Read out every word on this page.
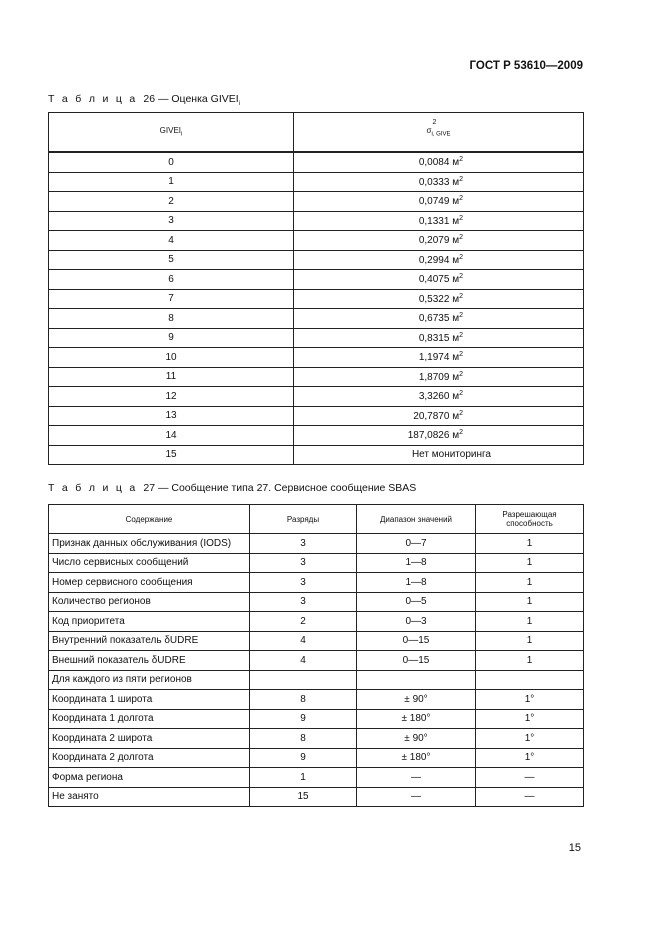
ГОСТ Р 53610—2009
Т а б л и ц а 26 — Оценка $GIVEI_i$
$GIVEI_i$	σ
2
$_{i, GIVE}$
0	0,0084 $м^2$
1	0,0333 $м^2$
2	0,0749 $м^2$
3	0,1331 $м^2$
4	0,2079 $м^2$
5	0,2994 $м^2$
6	0,4075 $м^2$
7	0,5322 $м^2$
8	0,6735 $м^2$
9	0,8315 $м^2$
10	1,1974 $м^2$
11	1,8709 $м^2$
12	3,3260 $м^2$
13	20,7870 $м^2$
14	187,0826 $м^2$
15	Нет мониторинга
Т а б л и ц а 27 — Сообщение типа 27. Сервисное сообщение SBAS
Содержание	Разряды	Диапазон значений	Разрешающая способность
Признак данных обслуживания (IODS)	3	0—7	1
Число сервисных сообщений	3	1—8	1
Номер сервисного сообщения	3	1—8	1
Количество регионов	3	0—5	1
Код приоритета	2	0—3	1
Внутренний показатель δUDRE	4	0—15	1
Внешний показатель δUDRE	4	0—15	1
Для каждого из пяти регионов			
Координата 1 широта	8	± 90°	1°
Координата 1 долгота	9	± 180°	1°
Координата 2 широта	8	± 90°	1°
Координата 2 долгота	9	± 180°	1°
Форма региона	1	—	—
Не занято	15	—	—
15
